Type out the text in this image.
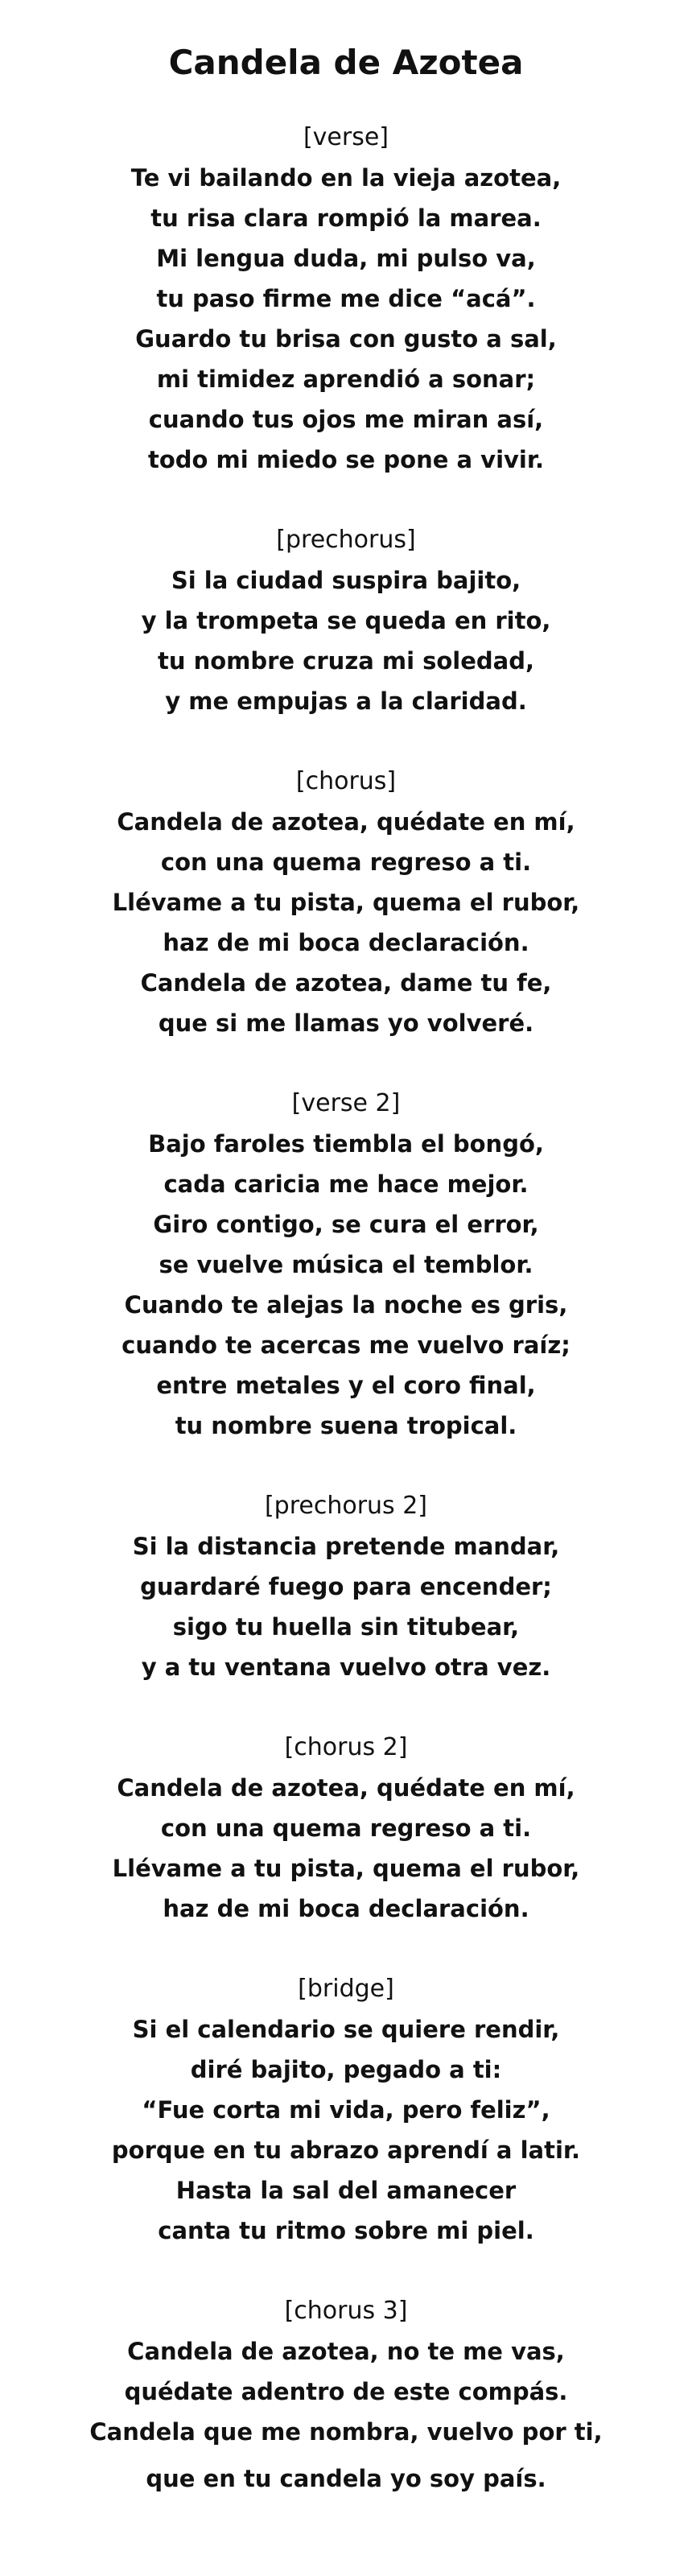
Candela de Azotea

[verse]

Te vi bailando en la vieja azotea,

tu risa clara rompió la marea.

Mi lengua duda, mi pulso va,

tu paso firme me dice “acá”.

Guardo tu brisa con gusto a sal,

mi timidez aprendió a sonar;

cuando tus ojos me miran así,

todo mi miedo se pone a vivir.

[prechorus]

Si la ciudad suspira bajito,

y la trompeta se queda en rito,

tu nombre cruza mi soledad,

y me empujas a la claridad.

[chorus]

Candela de azotea, quédate en mí,

con una quema regreso a ti.

Llévame a tu pista, quema el rubor,

haz de mi boca declaración.

Candela de azotea, dame tu fe,

que si me llamas yo volveré.

[verse 2]

Bajo faroles tiembla el bongó,

cada caricia me hace mejor.

Giro contigo, se cura el error,

se vuelve música el temblor.

Cuando te alejas la noche es gris,

cuando te acercas me vuelvo raíz;

entre metales y el coro final,

tu nombre suena tropical.

[prechorus 2]

Si la distancia pretende mandar,

guardaré fuego para encender;

sigo tu huella sin titubear,

y a tu ventana vuelvo otra vez.

[chorus 2]

Candela de azotea, quédate en mí,

con una quema regreso a ti.

Llévame a tu pista, quema el rubor,

haz de mi boca declaración.

[bridge]

Si el calendario se quiere rendir,

diré bajito, pegado a ti:

“Fue corta mi vida, pero feliz”,

porque en tu abrazo aprendí a latir.

Hasta la sal del amanecer

canta tu ritmo sobre mi piel.

[chorus 3]

Candela de azotea, no te me vas,

quédate adentro de este compás.

Candela que me nombra, vuelvo por ti,

que en tu candela yo soy país.
